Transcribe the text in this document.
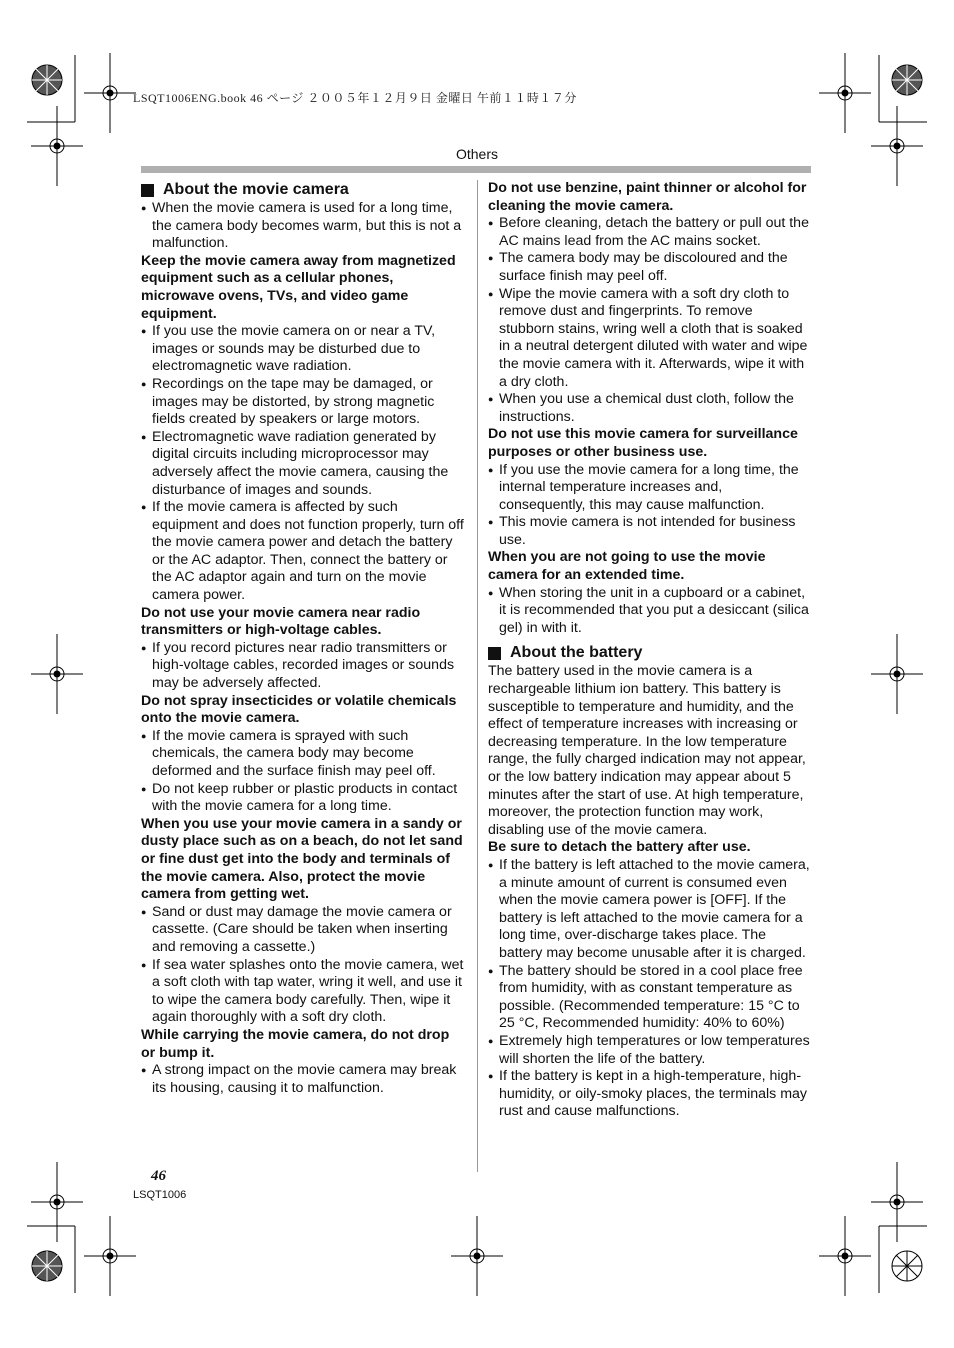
LSQT1006ENG.book 46 ページ ２００５年１２月９日 金曜日 午前１１時１７分
Others
About the movie camera
● When the movie camera is used for a long time, the camera body becomes warm, but this is not a malfunction.
Keep the movie camera away from magnetized equipment such as a cellular phones, microwave ovens, TVs, and video game equipment.
● If you use the movie camera on or near a TV, images or sounds may be disturbed due to electromagnetic wave radiation.
● Recordings on the tape may be damaged, or images may be distorted, by strong magnetic fields created by speakers or large motors.
● Electromagnetic wave radiation generated by digital circuits including microprocessor may adversely affect the movie camera, causing the disturbance of images and sounds.
● If the movie camera is affected by such equipment and does not function properly, turn off the movie camera power and detach the battery or the AC adaptor. Then, connect the battery or the AC adaptor again and turn on the movie camera power.
Do not use your movie camera near radio transmitters or high-voltage cables.
● If you record pictures near radio transmitters or high-voltage cables, recorded images or sounds may be adversely affected.
Do not spray insecticides or volatile chemicals onto the movie camera.
● If the movie camera is sprayed with such chemicals, the camera body may become deformed and the surface finish may peel off.
● Do not keep rubber or plastic products in contact with the movie camera for a long time.
When you use your movie camera in a sandy or dusty place such as on a beach, do not let sand or fine dust get into the body and terminals of the movie camera. Also, protect the movie camera from getting wet.
● Sand or dust may damage the movie camera or cassette. (Care should be taken when inserting and removing a cassette.)
● If sea water splashes onto the movie camera, wet a soft cloth with tap water, wring it well, and use it to wipe the camera body carefully. Then, wipe it again thoroughly with a soft dry cloth.
While carrying the movie camera, do not drop or bump it.
● A strong impact on the movie camera may break its housing, causing it to malfunction.
Do not use benzine, paint thinner or alcohol for cleaning the movie camera.
● Before cleaning, detach the battery or pull out the AC mains lead from the AC mains socket.
● The camera body may be discoloured and the surface finish may peel off.
● Wipe the movie camera with a soft dry cloth to remove dust and fingerprints. To remove stubborn stains, wring well a cloth that is soaked in a neutral detergent diluted with water and wipe the movie camera with it. Afterwards, wipe it with a dry cloth.
● When you use a chemical dust cloth, follow the instructions.
Do not use this movie camera for surveillance purposes or other business use.
● If you use the movie camera for a long time, the internal temperature increases and, consequently, this may cause malfunction.
● This movie camera is not intended for business use.
When you are not going to use the movie camera for an extended time.
● When storing the unit in a cupboard or a cabinet, it is recommended that you put a desiccant (silica gel) in with it.
About the battery
The battery used in the movie camera is a rechargeable lithium ion battery. This battery is susceptible to temperature and humidity, and the effect of temperature increases with increasing or decreasing temperature. In the low temperature range, the fully charged indication may not appear, or the low battery indication may appear about 5 minutes after the start of use. At high temperature, moreover, the protection function may work, disabling use of the movie camera.
Be sure to detach the battery after use.
● If the battery is left attached to the movie camera, a minute amount of current is consumed even when the movie camera power is [OFF]. If the battery is left attached to the movie camera for a long time, over-discharge takes place. The battery may become unusable after it is charged.
● The battery should be stored in a cool place free from humidity, with as constant temperature as possible. (Recommended temperature: 15 °C to 25 °C, Recommended humidity: 40% to 60%)
● Extremely high temperatures or low temperatures will shorten the life of the battery.
● If the battery is kept in a high-temperature, high-humidity, or oily-smoky places, the terminals may rust and cause malfunctions.
46
LSQT1006
